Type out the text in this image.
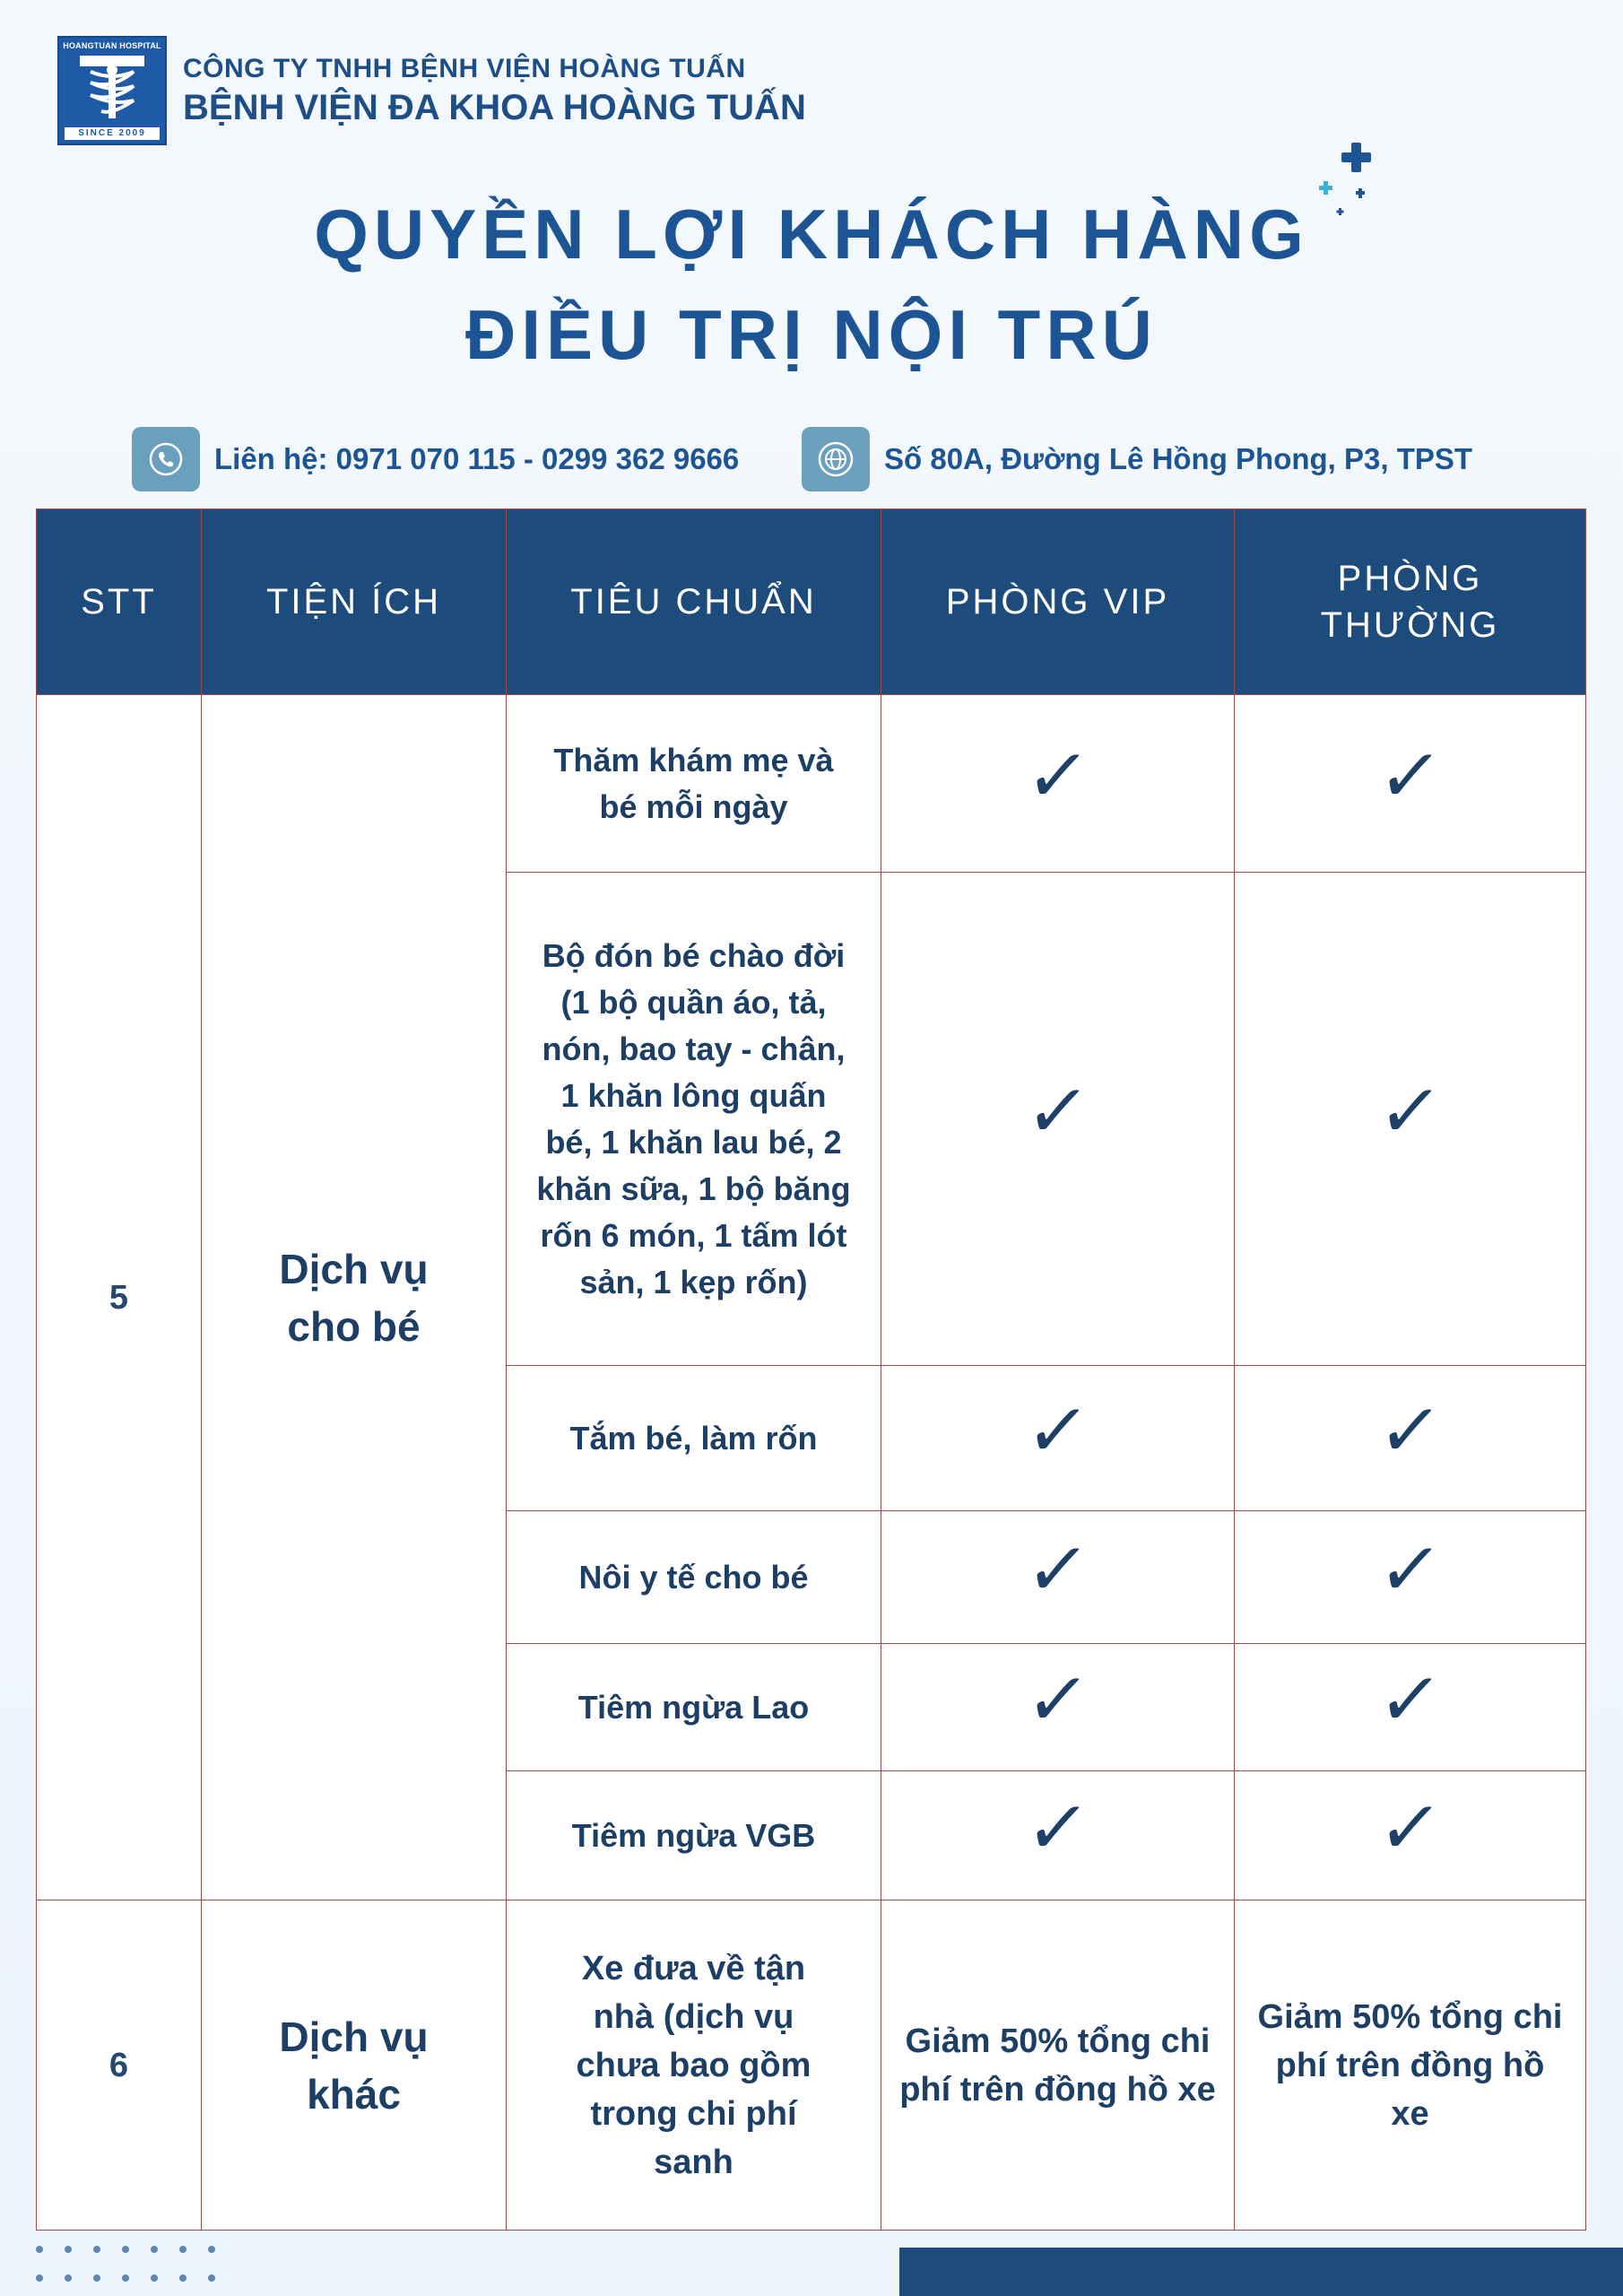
HOANGTUAN HOSPITAL
SINCE 2009
CÔNG TY TNHH BỆNH VIỆN HOÀNG TUẤN
BỆNH VIỆN ĐA KHOA HOÀNG TUẤN
QUYỀN LỢI KHÁCH HÀNG
ĐIỀU TRỊ NỘI TRÚ
Liên hệ: 0971 070 115 - 0299 362 9666	Số 80A, Đường Lê Hồng Phong, P3, TPST
STT	TIỆN ÍCH	TIÊU CHUẨN	PHÒNG VIP	PHÒNG THƯỜNG
5	Dịch vụ cho bé	Thăm khám mẹ và bé mỗi ngày	✓	✓
		Bộ đón bé chào đời (1 bộ quần áo, tả, nón, bao tay - chân, 1 khăn lông quấn bé, 1 khăn lau bé, 2 khăn sữa, 1 bộ băng rốn 6 món, 1 tấm lót sản, 1 kẹp rốn)	✓	✓
		Tắm bé, làm rốn	✓	✓
		Nôi y tế cho bé	✓	✓
		Tiêm ngừa Lao	✓	✓
		Tiêm ngừa VGB	✓	✓
6	Dịch vụ khác	Xe đưa về tận nhà (dịch vụ chưa bao gồm trong chi phí sanh	Giảm 50% tổng chi phí trên đồng hồ xe	Giảm 50% tổng chi phí trên đồng hồ xe
